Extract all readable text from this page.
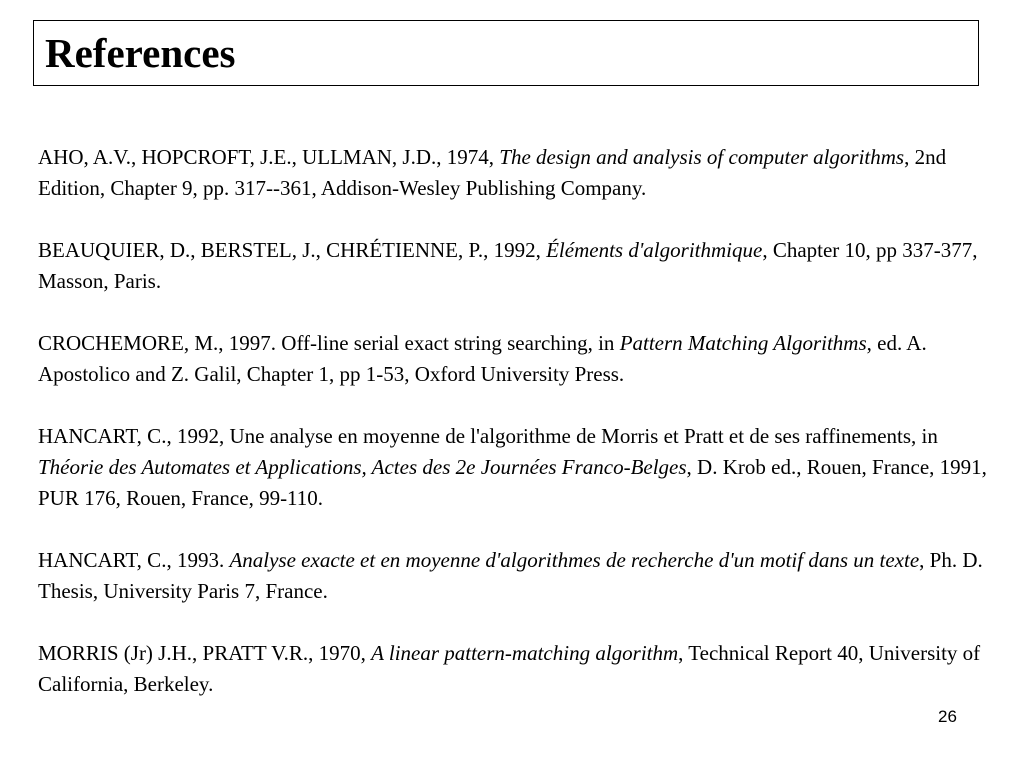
References

AHO, A.V., HOPCROFT, J.E., ULLMAN, J.D., 1974, The design and analysis of computer algorithms, 2nd Edition, Chapter 9, pp. 317--361, Addison-Wesley Publishing Company.

BEAUQUIER, D., BERSTEL, J., CHRÉTIENNE, P., 1992, Éléments d'algorithmique, Chapter 10, pp 337-377, Masson, Paris.

CROCHEMORE, M., 1997. Off-line serial exact string searching, in Pattern Matching Algorithms, ed. A. Apostolico and Z. Galil, Chapter 1, pp 1-53, Oxford University Press.

HANCART, C., 1992, Une analyse en moyenne de l'algorithme de Morris et Pratt et de ses raffinements, in Théorie des Automates et Applications, Actes des 2e Journées Franco-Belges, D. Krob ed., Rouen, France, 1991, PUR 176, Rouen, France, 99-110.

HANCART, C., 1993. Analyse exacte et en moyenne d'algorithmes de recherche d'un motif dans un texte, Ph. D. Thesis, University Paris 7, France.

MORRIS (Jr) J.H., PRATT V.R., 1970, A linear pattern-matching algorithm, Technical Report 40, University of California, Berkeley.

26
